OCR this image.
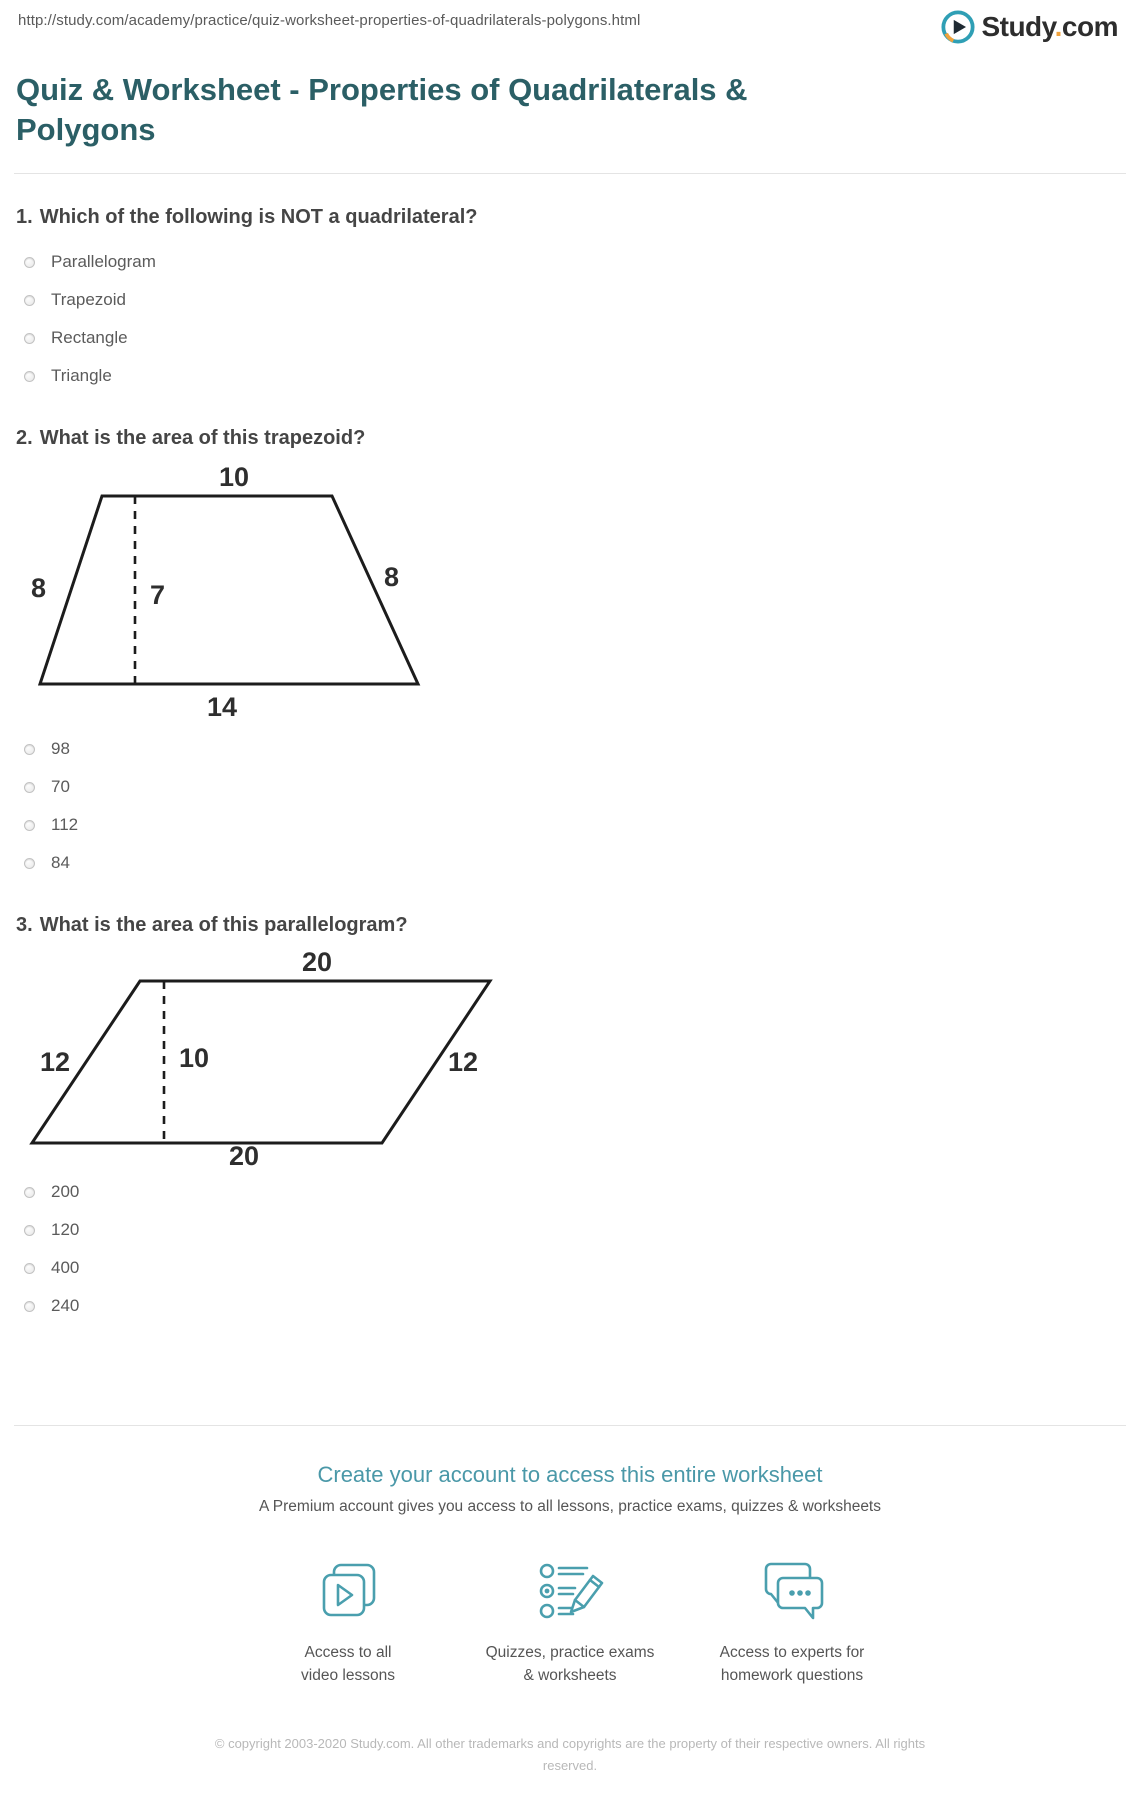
http://study.com/academy/practice/quiz-worksheet-properties-of-quadrilaterals-polygons.html	Study.com
Quiz & Worksheet - Properties of Quadrilaterals & Polygons
1. Which of the following is NOT a quadrilateral?
Parallelogram
Trapezoid
Rectangle
Triangle
2. What is the area of this trapezoid?
10
8	7
8
14
98
70
112
84
3. What is the area of this parallelogram?
20
12	10	12
20
200
120
400
240
Create your account to access this entire worksheet
A Premium account gives you access to all lessons, practice exams, quizzes & worksheets
Access to all
video lessons
Quizzes, practice exams
& worksheets
Access to experts for
homework questions
© copyright 2003-2020 Study.com. All other trademarks and copyrights are the property of their respective owners. All rights reserved.
